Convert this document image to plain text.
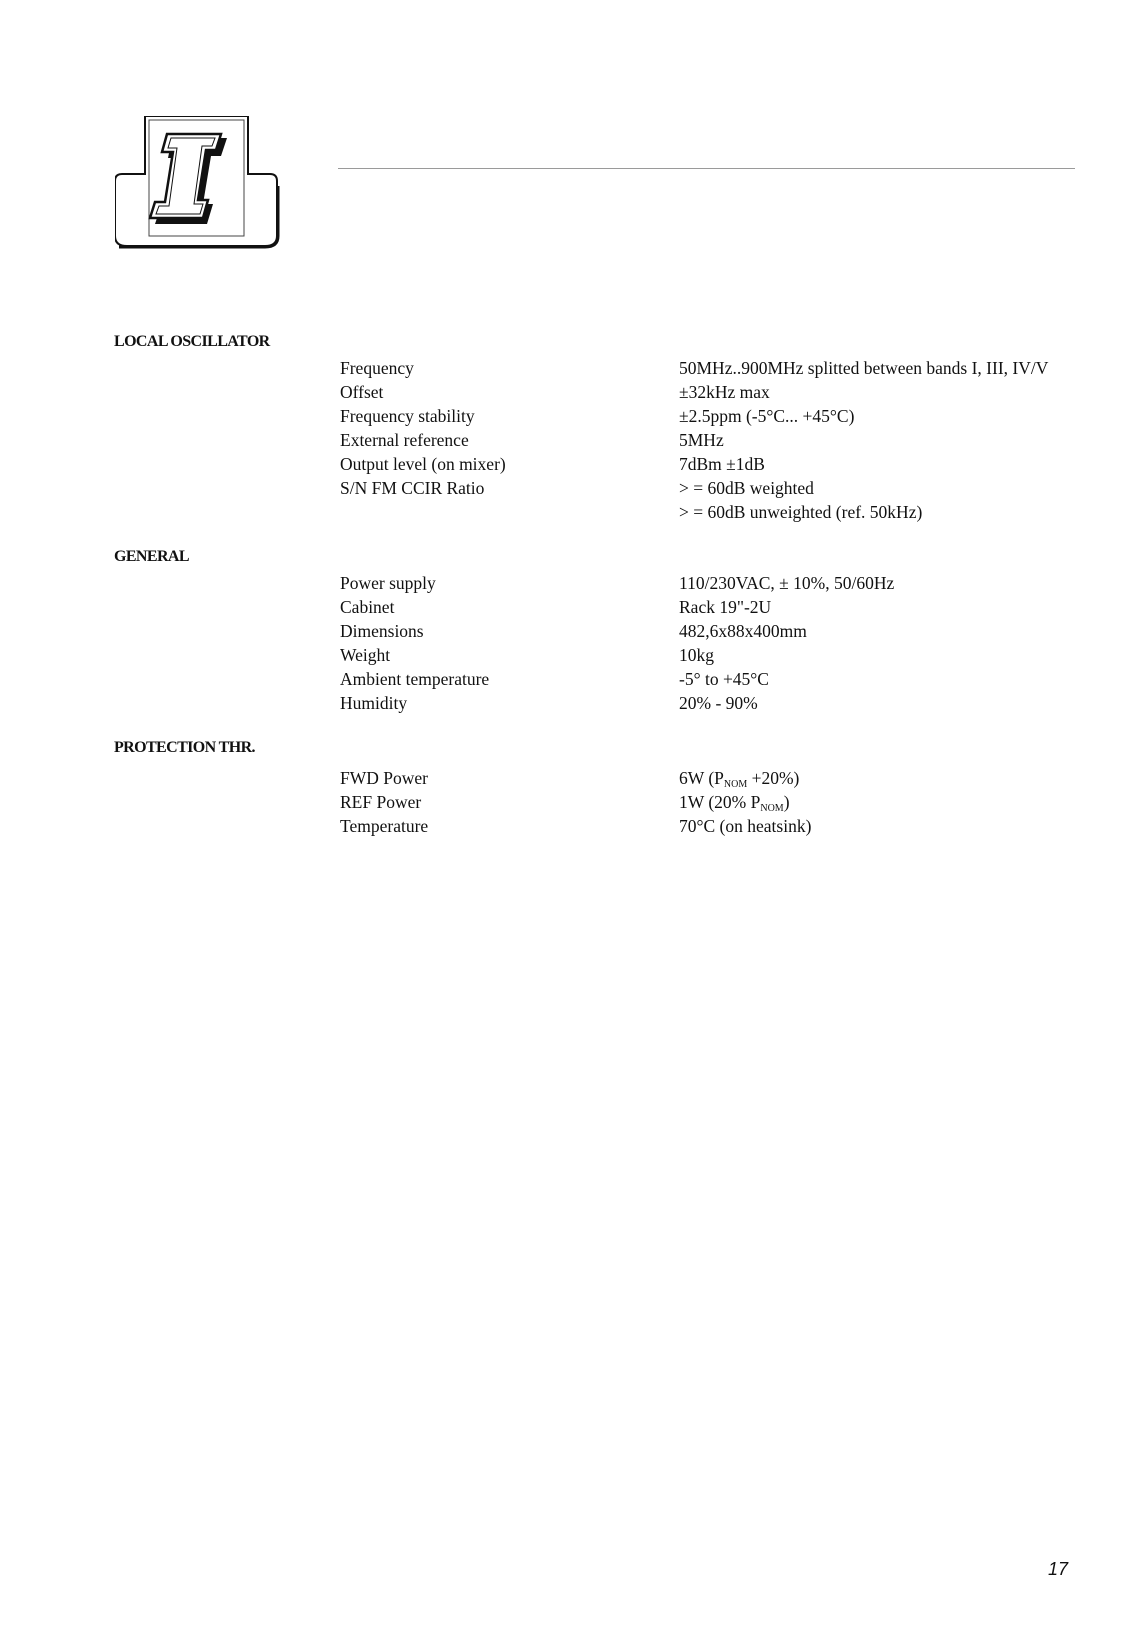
LOCAL OSCILLATOR
Frequency	50MHz..900MHz splitted between bands I, III, IV/V
Offset	±32kHz max
Frequency stability	±2.5ppm (-5°C... +45°C)
External reference	5MHz
Output level (on mixer)	7dBm ±1dB
S/N FM CCIR Ratio	> = 60dB weighted
> = 60dB unweighted (ref. 50kHz)
GENERAL
Power supply	110/230VAC, ± 10%, 50/60Hz
Cabinet	Rack 19"-2U
Dimensions	482,6x88x400mm
Weight	10kg
Ambient temperature	-5° to +45°C
Humidity	20% - 90%
PROTECTION THR.
FWD Power	6W (PNOM +20%)
REF Power	1W (20% PNOM)
Temperature	70°C (on heatsink)
17
